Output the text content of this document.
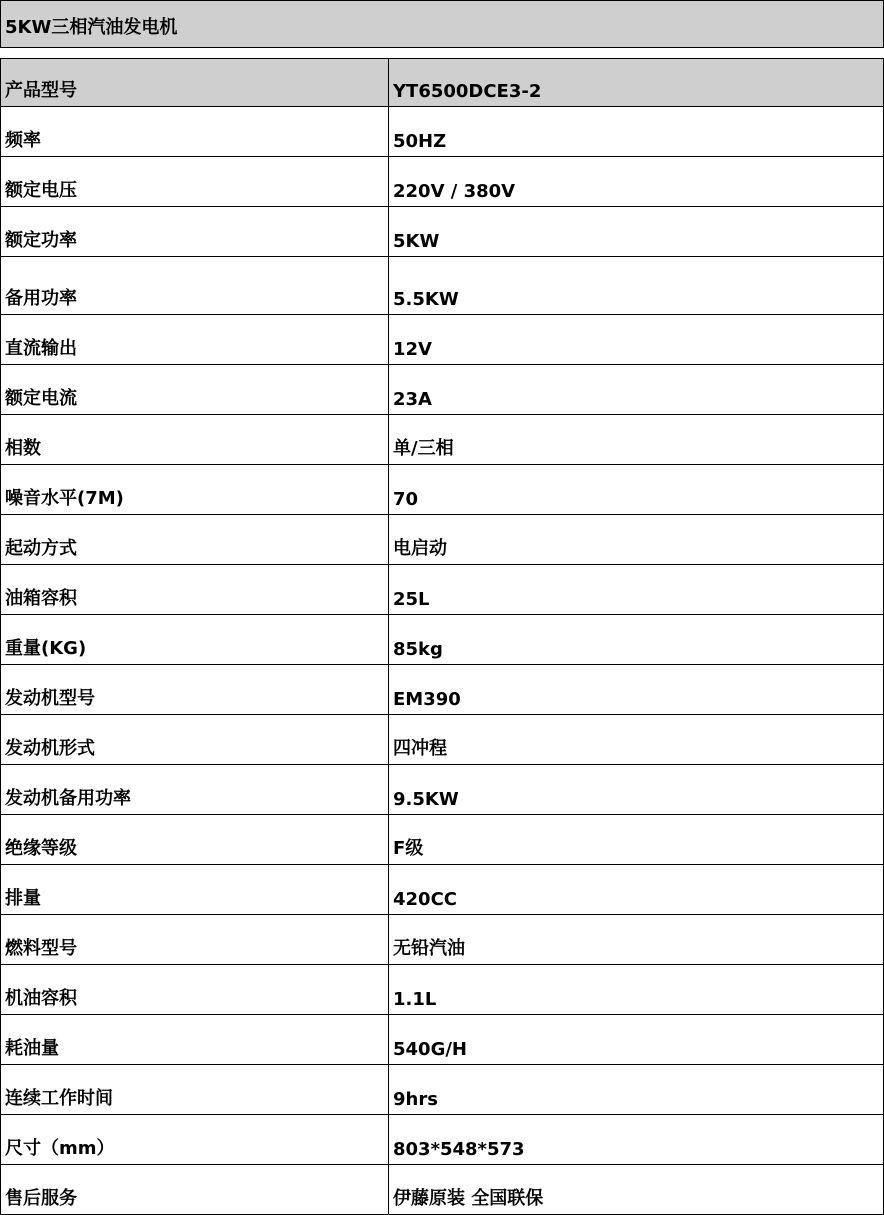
5KW三相汽油发电机
产品型号	YT6500DCE3-2
频率	50HZ
额定电压	220V / 380V
额定功率	5KW
备用功率	5.5KW
直流输出	12V
额定电流	23A
相数	单/三相
噪音水平(7M)	70
起动方式	电启动
油箱容积	25L
重量(KG)	85kg
发动机型号	EM390
发动机形式	四冲程
发动机备用功率	9.5KW
绝缘等级	F级
排量	420CC
燃料型号	无铅汽油
机油容积	1.1L
耗油量	540G/H
连续工作时间	9hrs
尺寸（mm）	803*548*573
售后服务	伊藤原装 全国联保
